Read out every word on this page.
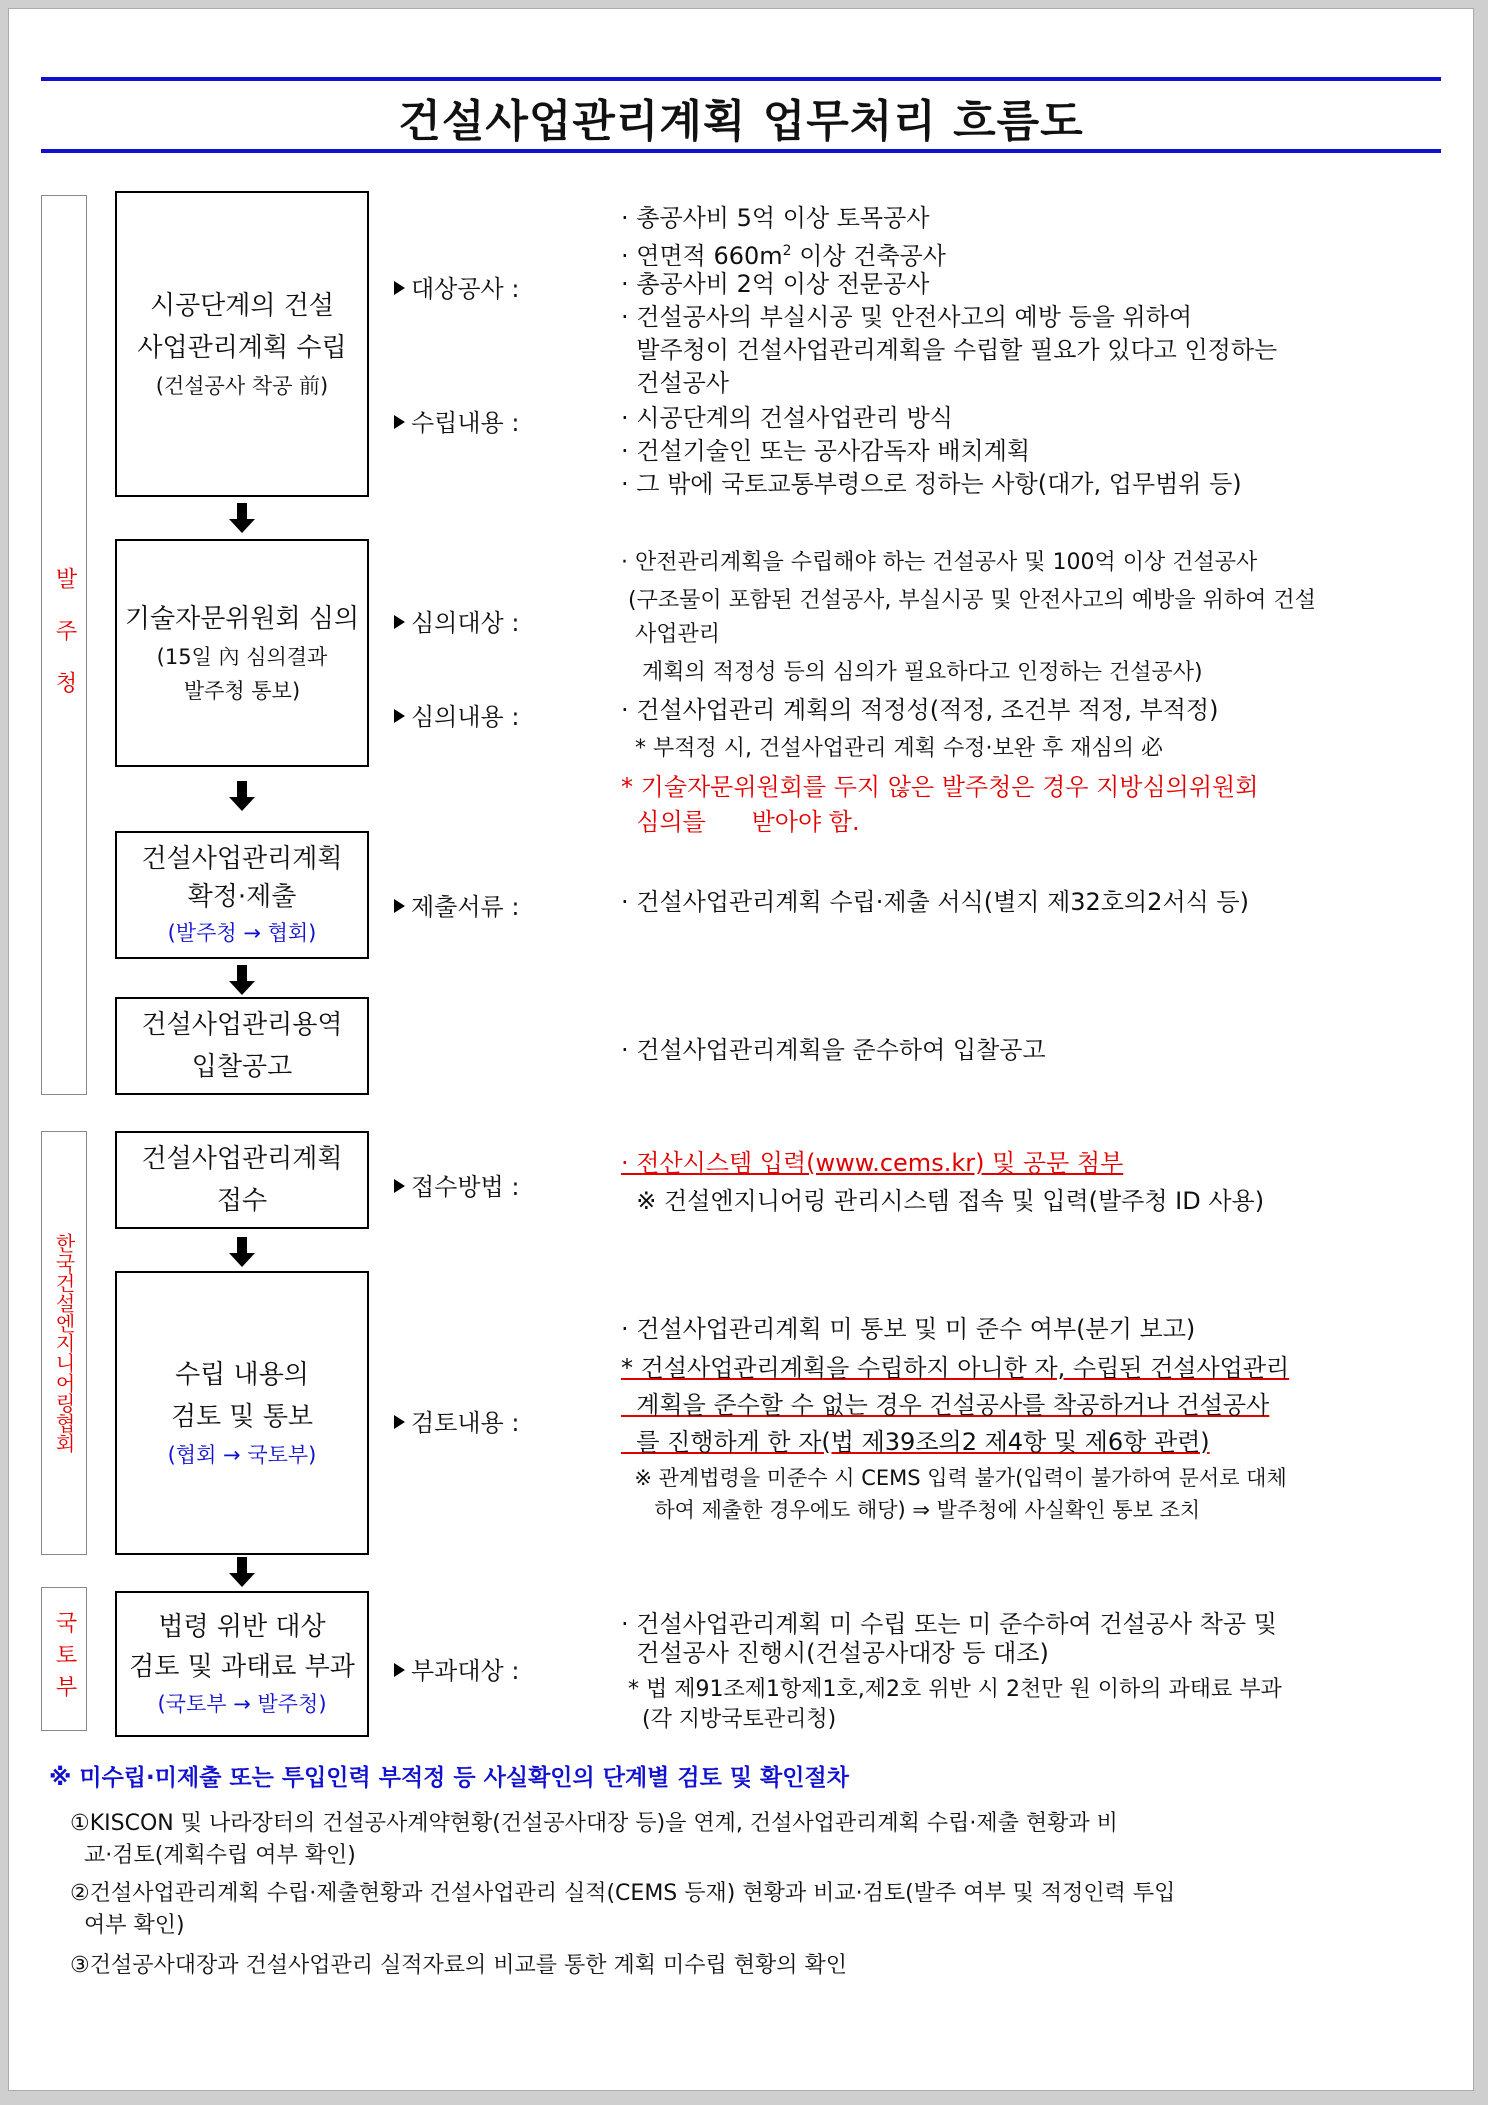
건설사업관리계획 업무처리 흐름도
발주청
한국건설엔지니어링협회
국토부
시공단계의 건설
사업관리계획 수립
(건설공사 착공 前)
기술자문위원회 심의
(15일 內 심의결과
발주청 통보)
건설사업관리계획
확정·제출
(발주청 → 협회)
건설사업관리용역
입찰공고
건설사업관리계획
접수
수립 내용의
검토 및 통보
(협회 → 국토부)
법령 위반 대상
검토 및 과태료 부과
(국토부 → 발주청)
대상공사 :
수립내용 :
심의대상 :
심의내용 :
제출서류 :
접수방법 :
검토내용 :
부과대상 :
· 총공사비 5억 이상 토목공사
· 연면적 $660m^2$ 이상 건축공사
· 총공사비 2억 이상 전문공사
· 건설공사의 부실시공 및 안전사고의 예방 등을 위하여
발주청이 건설사업관리계획을 수립할 필요가 있다고 인정하는
건설공사
· 시공단계의 건설사업관리 방식
· 건설기술인 또는 공사감독자 배치계획
· 그 밖에 국토교통부령으로 정하는 사항(대가, 업무범위 등)
· 안전관리계획을 수립해야 하는 건설공사 및 100억 이상 건설공사
(구조물이 포함된 건설공사, 부실시공 및 안전사고의 예방을 위하여 건설
사업관리
계획의 적정성 등의 심의가 필요하다고 인정하는 건설공사)
· 건설사업관리 계획의 적정성(적정, 조건부 적정, 부적정)
* 부적정 시, 건설사업관리 계획 수정·보완 후 재심의 必
* 기술자문위원회를 두지 않은 발주청은 경우 지방심의위원회
심의를      받아야 함.
· 건설사업관리계획 수립·제출 서식(별지 제32호의2서식 등)
· 건설사업관리계획을 준수하여 입찰공고
· 전산시스템 입력(www.cems.kr) 및 공문 첨부
※ 건설엔지니어링 관리시스템 접속 및 입력(발주청 ID 사용)
· 건설사업관리계획 미 통보 및 미 준수 여부(분기 보고)
* 건설사업관리계획을 수립하지 아니한 자, 수립된 건설사업관리
계획을 준수할 수 없는 경우 건설공사를 착공하거나 건설공사
를 진행하게 한 자(법 제39조의2 제4항 및 제6항 관련)
※ 관계법령을 미준수 시 CEMS 입력 불가(입력이 불가하여 문서로 대체
하여 제출한 경우에도 해당) ⇒ 발주청에 사실확인 통보 조치
· 건설사업관리계획 미 수립 또는 미 준수하여 건설공사 착공 및
건설공사 진행시(건설공사대장 등 대조)
* 법 제91조제1항제1호,제2호 위반 시 2천만 원 이하의 과태료 부과
(각 지방국토관리청)
※ 미수립·미제출 또는 투입인력 부적정 등 사실확인의 단계별 검토 및 확인절차
①KISCON 및 나라장터의 건설공사계약현황(건설공사대장 등)을 연계, 건설사업관리계획 수립·제출 현황과 비
교·검토(계획수립 여부 확인)
②건설사업관리계획 수립·제출현황과 건설사업관리 실적(CEMS 등재) 현황과 비교·검토(발주 여부 및 적정인력 투입
여부 확인)
③건설공사대장과 건설사업관리 실적자료의 비교를 통한 계획 미수립 현황의 확인
